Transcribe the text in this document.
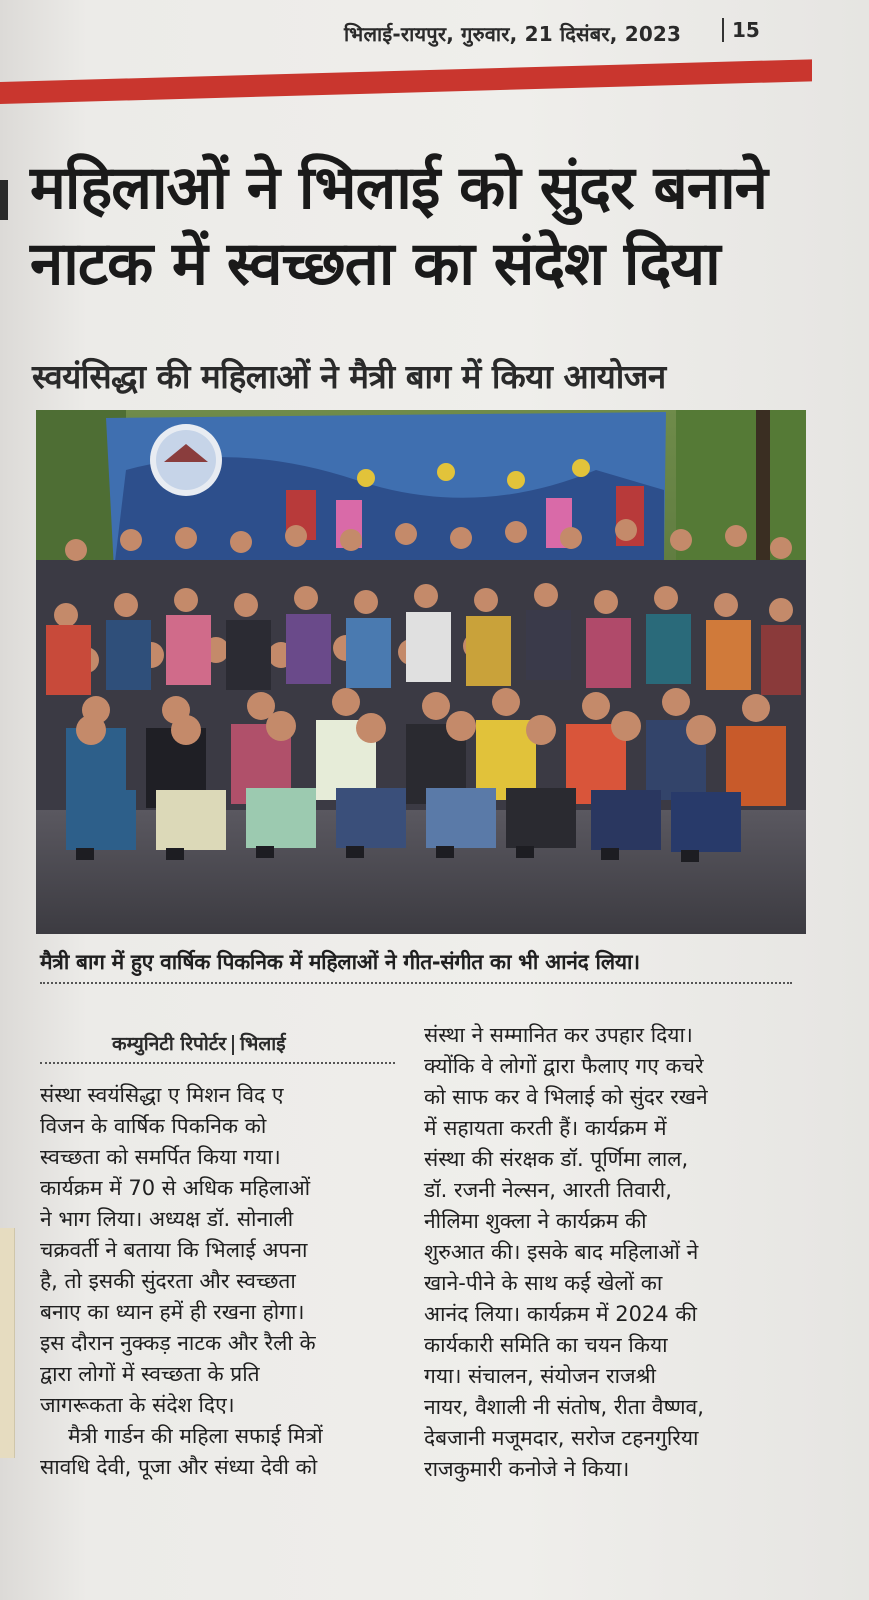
भिलाई-रायपुर, गुरुवार, 21 दिसंबर, 2023	15
महिलाओं ने भिलाई को सुंदर बनाने
नाटक में स्वच्छता का संदेश दिया
स्वयंसिद्धा की महिलाओं ने मैत्री बाग में किया आयोजन
मैत्री बाग में हुए वार्षिक पिकनिक में महिलाओं ने गीत-संगीत का भी आनंद लिया।
कम्युनिटी रिपोर्टर भिलाई

संस्था स्वयंसिद्धा ए मिशन विद ए

विजन के वार्षिक पिकनिक को

स्वच्छता को समर्पित किया गया।

कार्यक्रम में 70 से अधिक महिलाओं

ने भाग लिया। अध्यक्ष डॉ. सोनाली

चक्रवर्ती ने बताया कि भिलाई अपना

है, तो इसकी सुंदरता और स्वच्छता

बनाए का ध्यान हमें ही रखना होगा।

इस दौरान नुक्कड़ नाटक और रैली के

द्वारा लोगों में स्वच्छता के प्रति

जागरूकता के संदेश दिए।

मैत्री गार्डन की महिला सफाई मित्रों

सावधि देवी, पूजा और संध्या देवी को

संस्था ने सम्मानित कर उपहार दिया।

क्योंकि वे लोगों द्वारा फैलाए गए कचरे

को साफ कर वे भिलाई को सुंदर रखने

में सहायता करती हैं। कार्यक्रम में

संस्था की संरक्षक डॉ. पूर्णिमा लाल,

डॉ. रजनी नेल्सन, आरती तिवारी,

नीलिमा शुक्ला ने कार्यक्रम की

शुरुआत की। इसके बाद महिलाओं ने

खाने-पीने के साथ कई खेलों का

आनंद लिया। कार्यक्रम में 2024 की

कार्यकारी समिति का चयन किया

गया। संचालन, संयोजन राजश्री

नायर, वैशाली नी संतोष, रीता वैष्णव,

देबजानी मजूमदार, सरोज टहनगुरिया

राजकुमारी कनोजे ने किया।
